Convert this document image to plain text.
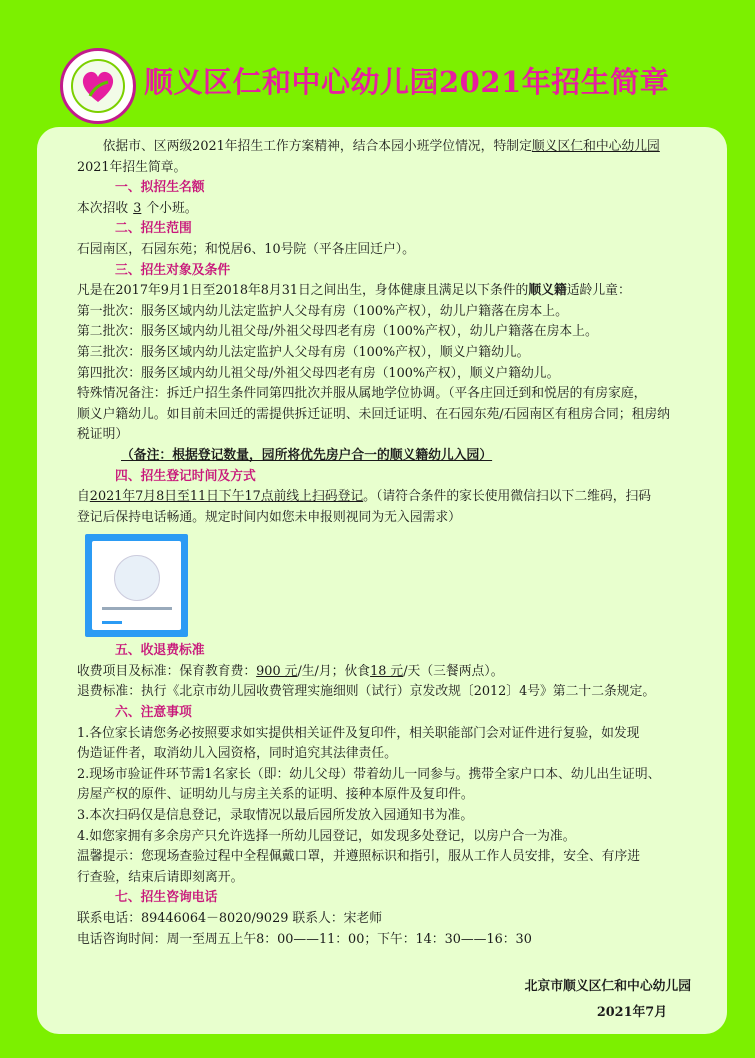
顺义区仁和中心幼儿园2021年招生简章

依据市、区两级2021年招生工作方案精神，结合本园小班学位情况，特制定顺义区仁和中心幼儿园

2021年招生简章。

一、拟招生名额

本次招收 3 个小班。

二、招生范围

石园南区，石园东苑；和悦居6、10号院（平各庄回迁户）。

三、招生对象及条件

凡是在2017年9月1日至2018年8月31日之间出生，身体健康且满足以下条件的顺义籍适龄儿童：

第一批次：服务区域内幼儿法定监护人父母有房（100%产权），幼儿户籍落在房本上。

第二批次：服务区域内幼儿祖父母/外祖父母四老有房（100%产权），幼儿户籍落在房本上。

第三批次：服务区域内幼儿法定监护人父母有房（100%产权），顺义户籍幼儿。

第四批次：服务区域内幼儿祖父母/外祖父母四老有房（100%产权），顺义户籍幼儿。

特殊情况备注：拆迁户招生条件同第四批次并服从属地学位协调。（平各庄回迁到和悦居的有房家庭，

顺义户籍幼儿。如目前未回迁的需提供拆迁证明、未回迁证明、在石园东苑/石园南区有租房合同；租房纳

税证明）

（备注：根据登记数量，园所将优先房户合一的顺义籍幼儿入园）

四、招生登记时间及方式

自2021年7月8日至11日下午17点前线上扫码登记。（请符合条件的家长使用微信扫以下二维码，扫码

登记后保持电话畅通。规定时间内如您未申报则视同为无入园需求）

五、收退费标准

收费项目及标准：保育教育费：900 元/生/月；伙食18 元/天（三餐两点）。

退费标准：执行《北京市幼儿园收费管理实施细则（试行）京发改规〔2012〕4号》第二十二条规定。

六、注意事项

1.各位家长请您务必按照要求如实提供相关证件及复印件，相关职能部门会对证件进行复验，如发现

伪造证件者，取消幼儿入园资格，同时追究其法律责任。

2.现场市验证件环节需1名家长（即：幼儿父母）带着幼儿一同参与。携带全家户口本、幼儿出生证明、

房屋产权的原件、证明幼儿与房主关系的证明、接种本原件及复印件。

3.本次扫码仅是信息登记，录取情况以最后园所发放入园通知书为准。

4.如您家拥有多余房产只允许选择一所幼儿园登记，如发现多处登记，以房户合一为准。

温馨提示：您现场查验过程中全程佩戴口罩，并遵照标识和指引，服从工作人员安排，安全、有序进

行查验，结束后请即刻离开。

七、招生咨询电话

联系电话：89446064－8020/9029 联系人：宋老师

电话咨询时间：周一至周五上午8：00——11：00；下午：14：30——16：30

北京市顺义区仁和中心幼儿园
2021年7月
